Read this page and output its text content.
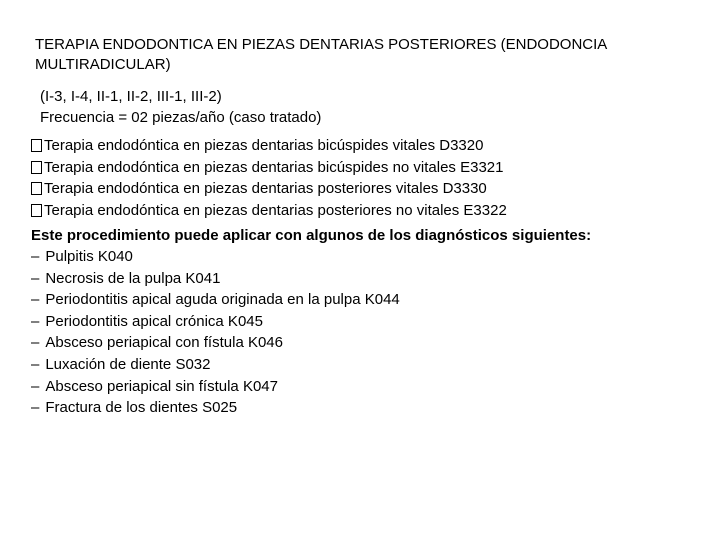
TERAPIA ENDODONTICA EN PIEZAS DENTARIAS POSTERIORES (ENDODONCIA MULTIRADICULAR)
(I-3, I-4, II-1, II-2, III-1, III-2)
Frecuencia = 02 piezas/año (caso tratado)
Terapia endodóntica en piezas dentarias bicúspides vitales D3320
Terapia endodóntica en piezas dentarias bicúspides no vitales E3321
Terapia endodóntica en piezas dentarias posteriores vitales D3330
Terapia endodóntica en piezas dentarias posteriores no vitales E3322
Este procedimiento puede aplicar con algunos de los diagnósticos siguientes:
‒ Pulpitis K040
‒ Necrosis de la pulpa K041
‒ Periodontitis apical aguda originada en la pulpa K044
‒ Periodontitis apical crónica K045
‒ Absceso periapical con fístula K046
‒ Luxación de diente S032
‒ Absceso periapical sin fístula K047
‒ Fractura de los dientes S025
